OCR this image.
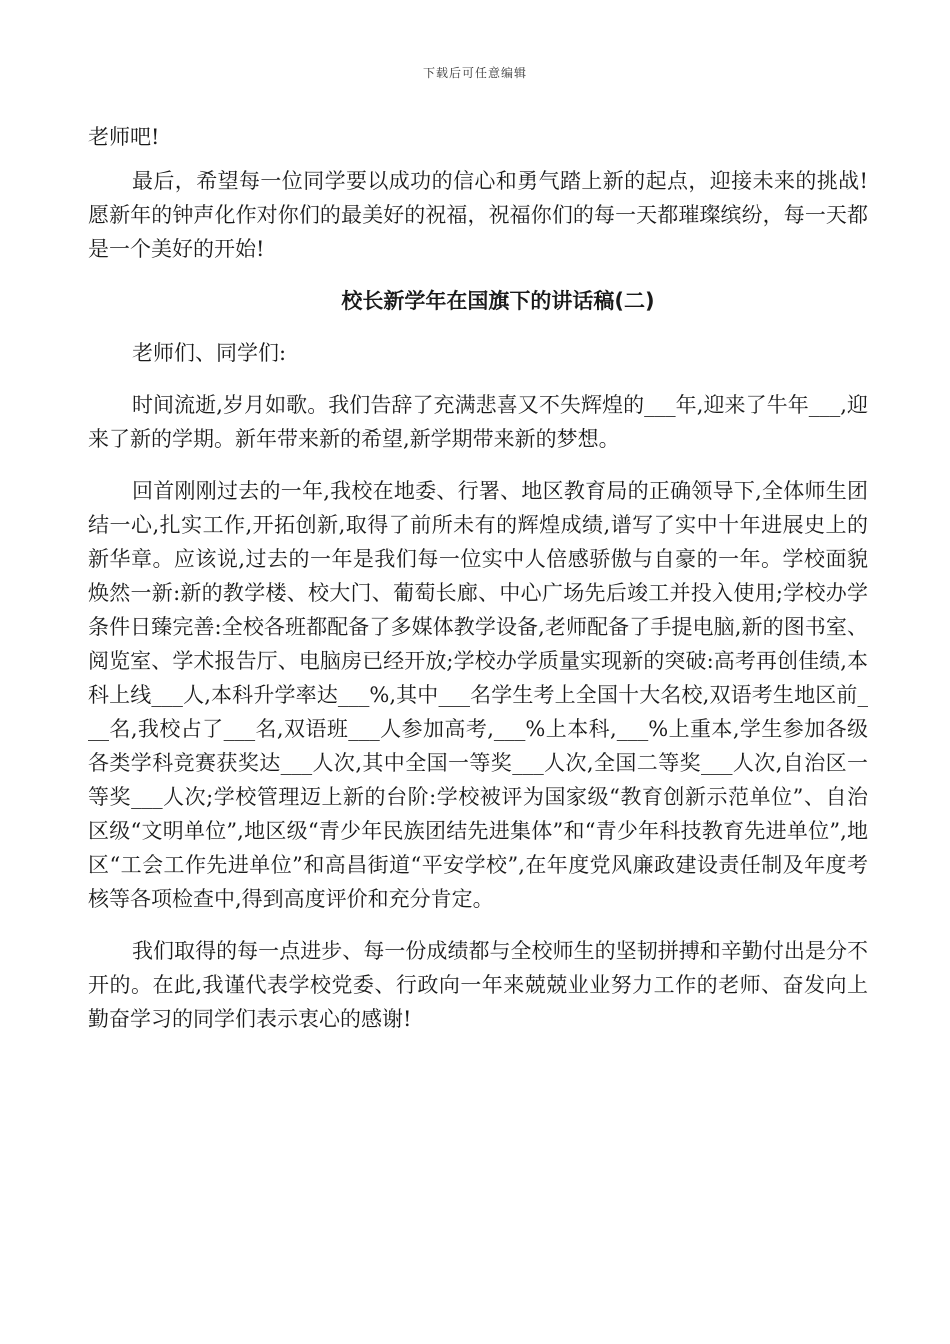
下载后可任意编辑

老师吧!

最后，希望每一位同学要以成功的信心和勇气踏上新的起点，迎接未来的挑战!愿新年的钟声化作对你们的最美好的祝福，祝福你们的每一天都璀璨缤纷，每一天都是一个美好的开始!

校长新学年在国旗下的讲话稿(二)

老师们、同学们:

时间流逝,岁月如歌。我们告辞了充满悲喜又不失辉煌的___年,迎来了牛年___,迎来了新的学期。新年带来新的希望,新学期带来新的梦想。

回首刚刚过去的一年,我校在地委、行署、地区教育局的正确领导下,全体师生团结一心,扎实工作,开拓创新,取得了前所未有的辉煌成绩,谱写了实中十年进展史上的新华章。应该说,过去的一年是我们每一位实中人倍感骄傲与自豪的一年。学校面貌焕然一新:新的教学楼、校大门、葡萄长廊、中心广场先后竣工并投入使用;学校办学条件日臻完善:全校各班都配备了多媒体教学设备,老师配备了手提电脑,新的图书室、阅览室、学术报告厅、电脑房已经开放;学校办学质量实现新的突破:高考再创佳绩,本科上线___人,本科升学率达___%,其中___名学生考上全国十大名校,双语考生地区前___名,我校占了___名,双语班___人参加高考,___%上本科,___%上重本,学生参加各级各类学科竞赛获奖达___人次,其中全国一等奖___人次,全国二等奖___人次,自治区一等奖___人次;学校管理迈上新的台阶:学校被评为国家级“教育创新示范单位”、自治区级“文明单位”,地区级“青少年民族团结先进集体”和“青少年科技教育先进单位”,地区“工会工作先进单位”和高昌街道“平安学校”,在年度党风廉政建设责任制及年度考核等各项检查中,得到高度评价和充分肯定。

我们取得的每一点进步、每一份成绩都与全校师生的坚韧拼搏和辛勤付出是分不开的。在此,我谨代表学校党委、行政向一年来兢兢业业努力工作的老师、奋发向上勤奋学习的同学们表示衷心的感谢!
